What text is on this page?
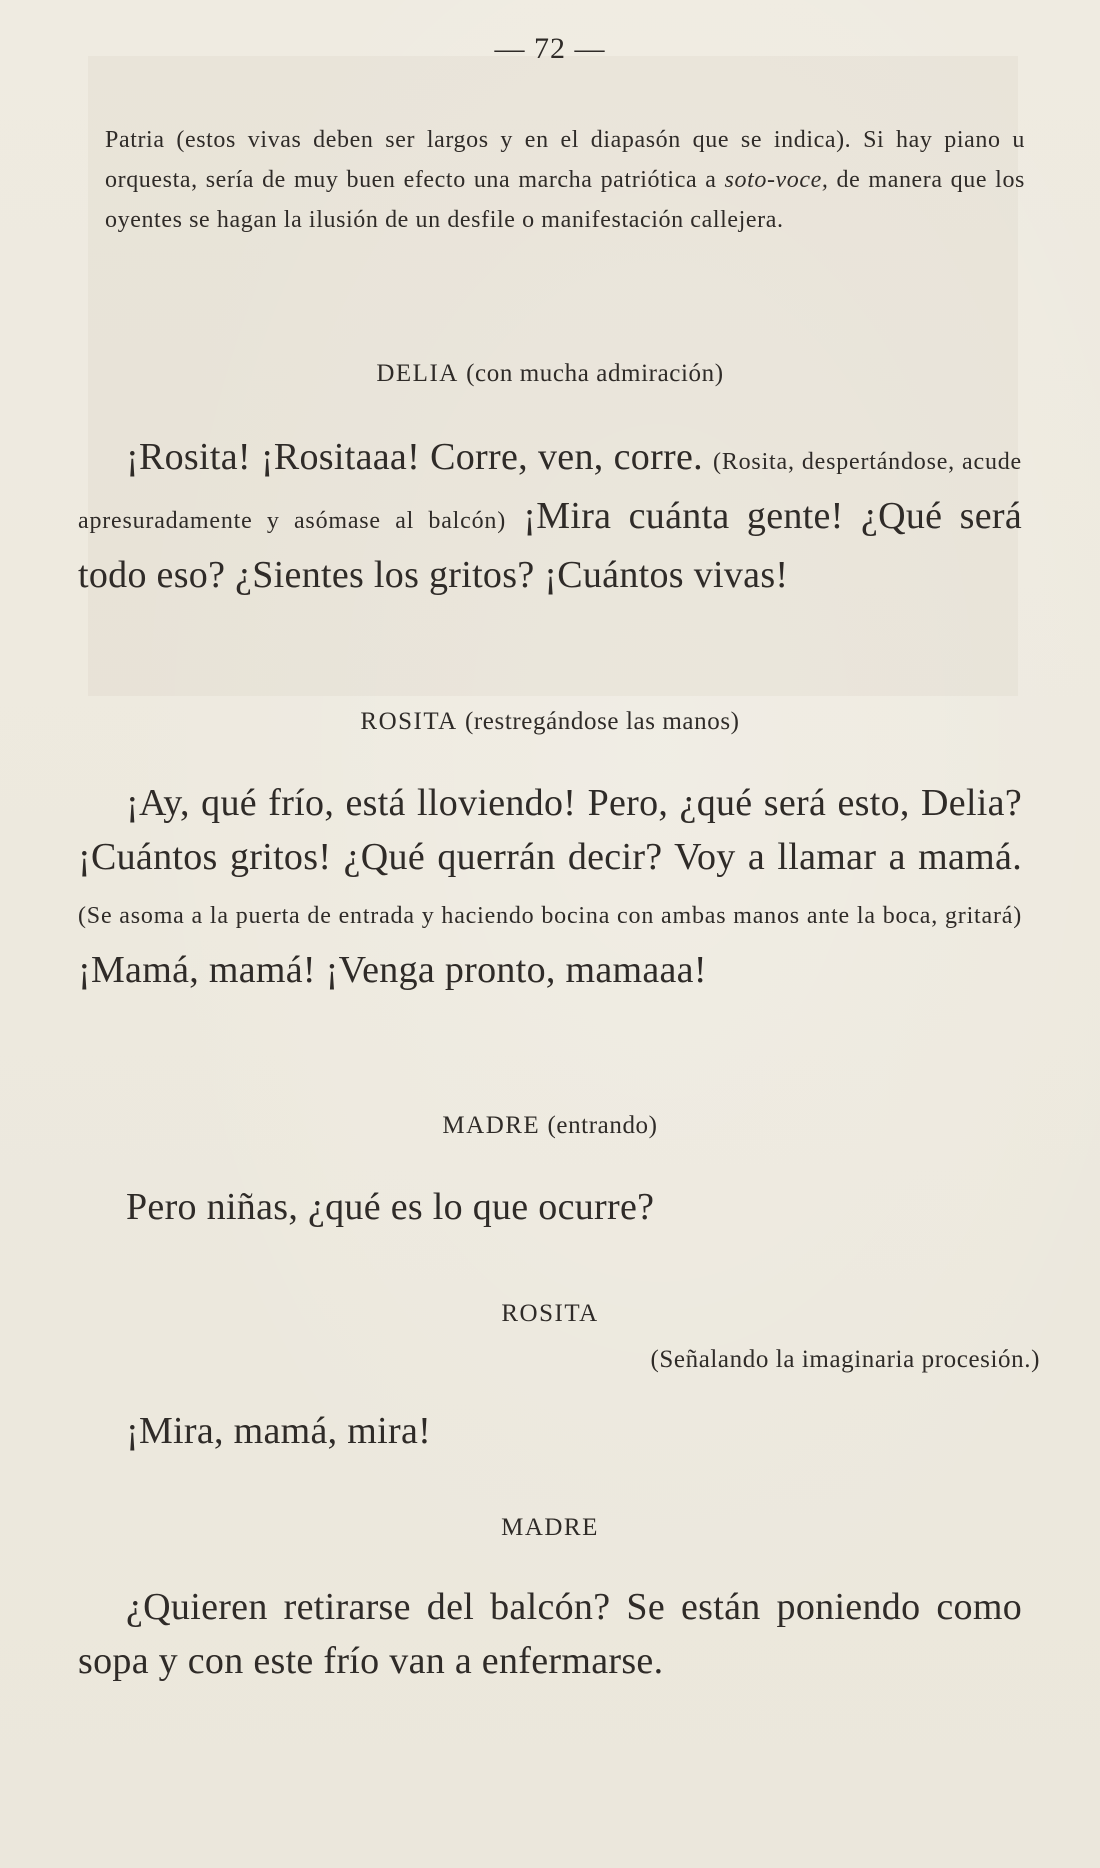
— 72 —
Patria (estos vivas deben ser largos y en el diapasón que se indica). Si hay piano u orquesta, sería de muy buen efecto una marcha patriótica a soto-voce, de manera que los oyentes se hagan la ilusión de un desfile o manifestación callejera.
DELIA (con mucha admiración)
¡Rosita! ¡Rositaaa! Corre, ven, corre. (Rosita, despertándose, acude apresuradamente y asómase al balcón) ¡Mira cuánta gente! ¿Qué será todo eso? ¿Sientes los gritos? ¡Cuántos vivas!
ROSITA (restregándose las manos)
¡Ay, qué frío, está lloviendo! Pero, ¿qué será esto, Delia? ¡Cuántos gritos! ¿Qué querrán decir? Voy a llamar a mamá. (Se asoma a la puerta de entrada y haciendo bocina con ambas manos ante la boca, gritará) ¡Mamá, mamá! ¡Venga pronto, mamaaa!
MADRE (entrando)
Pero niñas, ¿qué es lo que ocurre?
ROSITA
(Señalando la imaginaria procesión.)
¡Mira, mamá, mira!
MADRE
¿Quieren retirarse del balcón? Se están poniendo como sopa y con este frío van a enfermarse.
